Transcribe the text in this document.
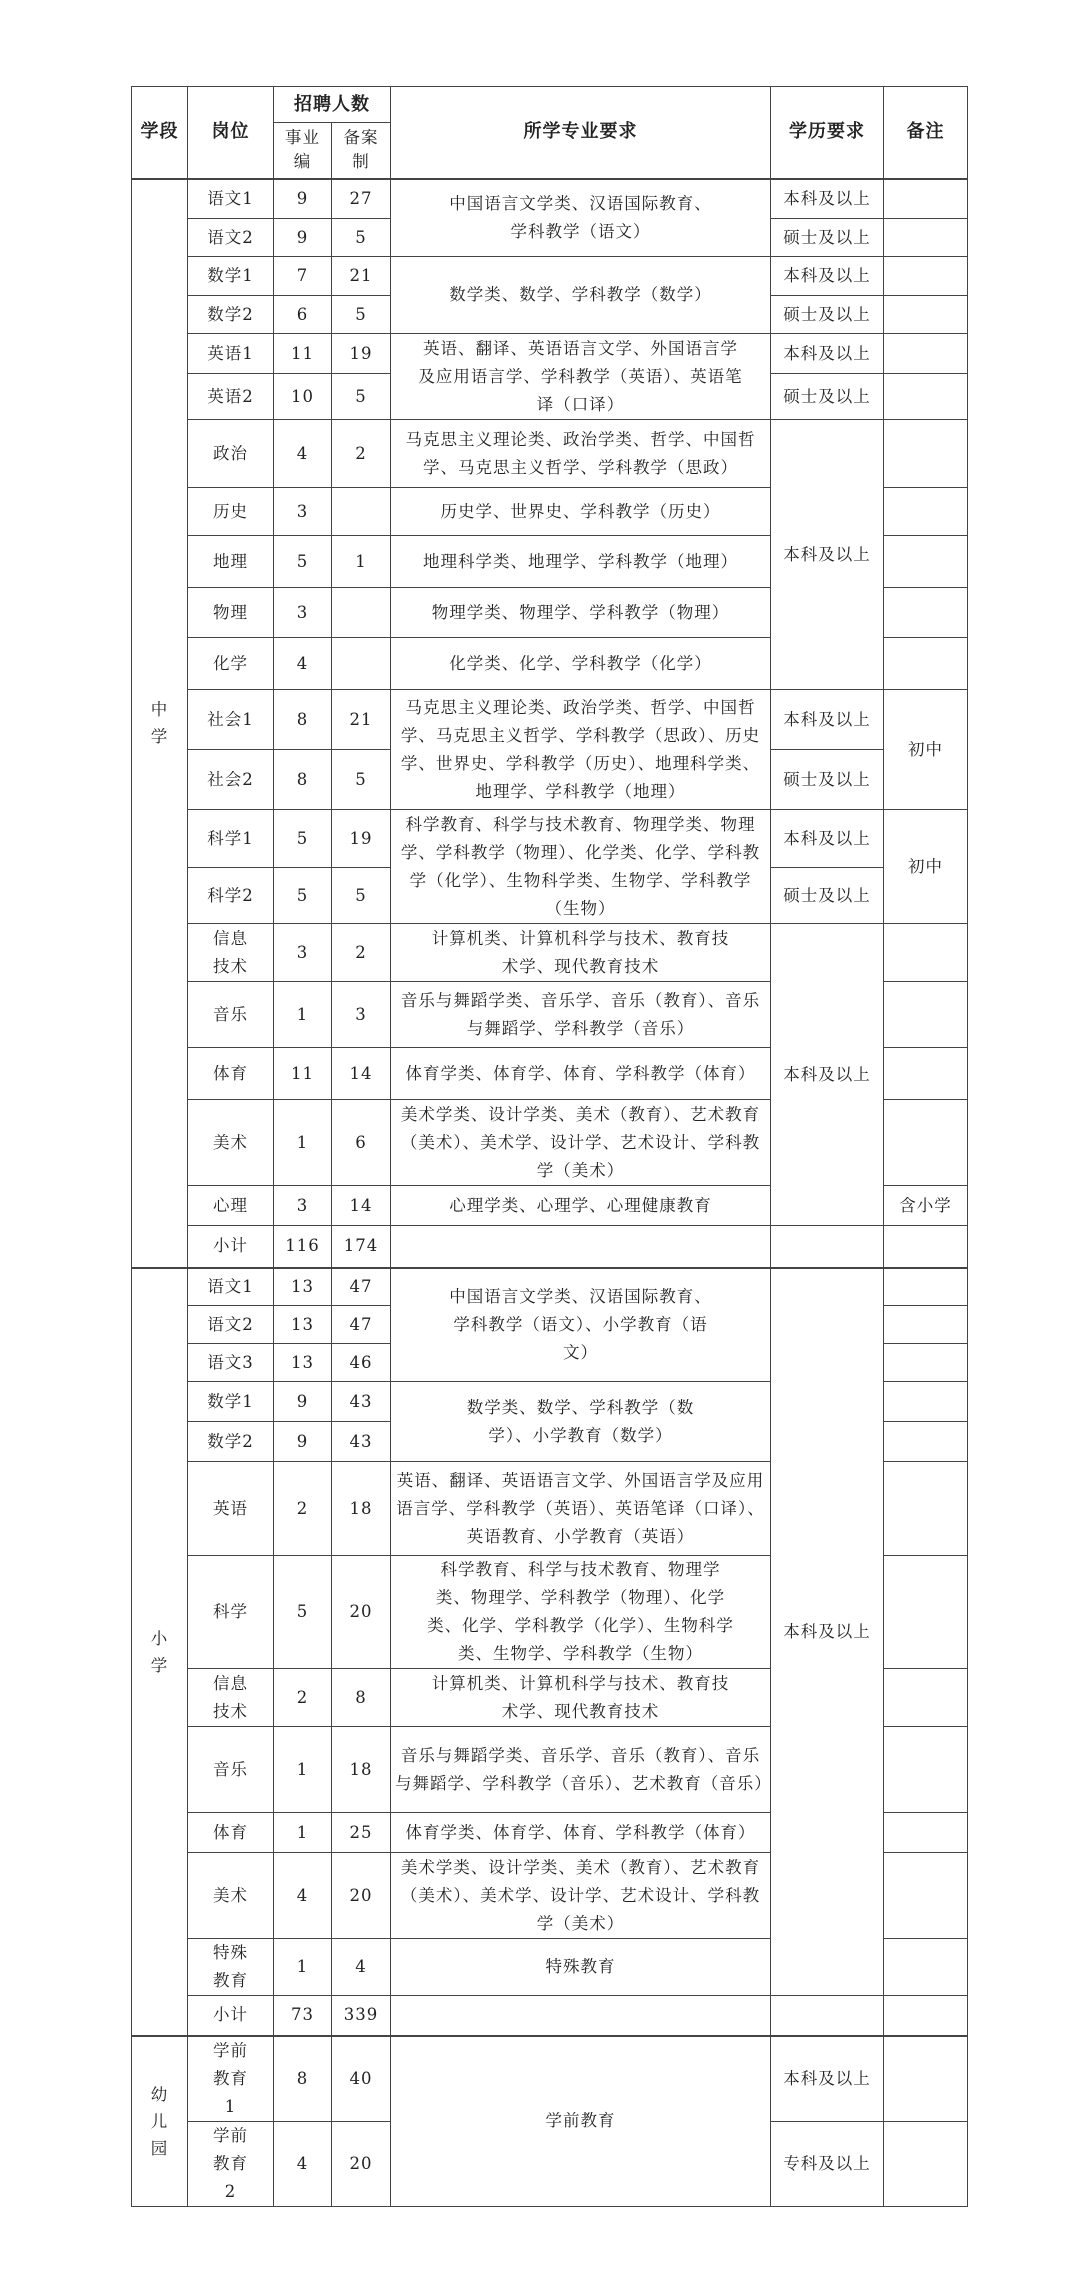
学段	岗位	招聘人数		所学专业要求	学历要求	备注
		事业编	备案制			
中学	语文1	9	27	中国语言文学类、汉语国际教育、学科教学（语文）	本科及以上	
	语文2	9	5		硕士及以上	
	数学1	7	21	数学类、数学、学科教学（数学）	本科及以上	
	数学2	6	5		硕士及以上	
	英语1	11	19	英语、翻译、英语语言文学、外国语言学及应用语言学、学科教学（英语）、英语笔译（口译）	本科及以上	
	英语2	10	5		硕士及以上	
	政治	4	2	马克思主义理论类、政治学类、哲学、中国哲学、马克思主义哲学、学科教学（思政）	本科及以上	
	历史	3		历史学、世界史、学科教学（历史）		
	地理	5	1	地理科学类、地理学、学科教学（地理）		
	物理	3		物理学类、物理学、学科教学（物理）		
	化学	4		化学类、化学、学科教学（化学）		
	社会1	8	21	马克思主义理论类、政治学类、哲学、中国哲学、马克思主义哲学、学科教学（思政）、历史学、世界史、学科教学（历史）、地理科学类、地理学、学科教学（地理）	本科及以上	初中
	社会2	8	5		硕士及以上	
	科学1	5	19	科学教育、科学与技术教育、物理学类、物理学、学科教学（物理）、化学类、化学、学科教学（化学）、生物科学类、生物学、学科教学（生物）	本科及以上	初中
	科学2	5	5		硕士及以上	
	信息技术	3	2	计算机类、计算机科学与技术、教育技术学、现代教育技术	本科及以上	
	音乐	1	3	音乐与舞蹈学类、音乐学、音乐（教育）、音乐与舞蹈学、学科教学（音乐）		
	体育	11	14	体育学类、体育学、体育、学科教学（体育）		
	美术	1	6	美术学类、设计学类、美术（教育）、艺术教育（美术）、美术学、设计学、艺术设计、学科教学（美术）		
	心理	3	14	心理学类、心理学、心理健康教育		含小学
	小计	116	174			
小学	语文1	13	47	中国语言文学类、汉语国际教育、学科教学（语文）、小学教育（语文）	本科及以上	
	语文2	13	47			
	语文3	13	46			
	数学1	9	43	数学类、数学、学科教学（数学）、小学教育（数学）		
	数学2	9	43			
	英语	2	18	英语、翻译、英语语言文学、外国语言学及应用语言学、学科教学（英语）、英语笔译（口译）、英语教育、小学教育（英语）		
	科学	5	20	科学教育、科学与技术教育、物理学类、物理学、学科教学（物理）、化学类、化学、学科教学（化学）、生物科学类、生物学、学科教学（生物）		
	信息技术	2	8	计算机类、计算机科学与技术、教育技术学、现代教育技术		
	音乐	1	18	音乐与舞蹈学类、音乐学、音乐（教育）、音乐与舞蹈学、学科教学（音乐）、艺术教育（音乐）		
	体育	1	25	体育学类、体育学、体育、学科教学（体育）		
	美术	4	20	美术学类、设计学类、美术（教育）、艺术教育（美术）、美术学、设计学、艺术设计、学科教学（美术）		
	特殊教育	1	4	特殊教育		
	小计	73	339			
幼儿园	学前教育1	8	40	学前教育	本科及以上	
	学前教育2	4	20		专科及以上	
